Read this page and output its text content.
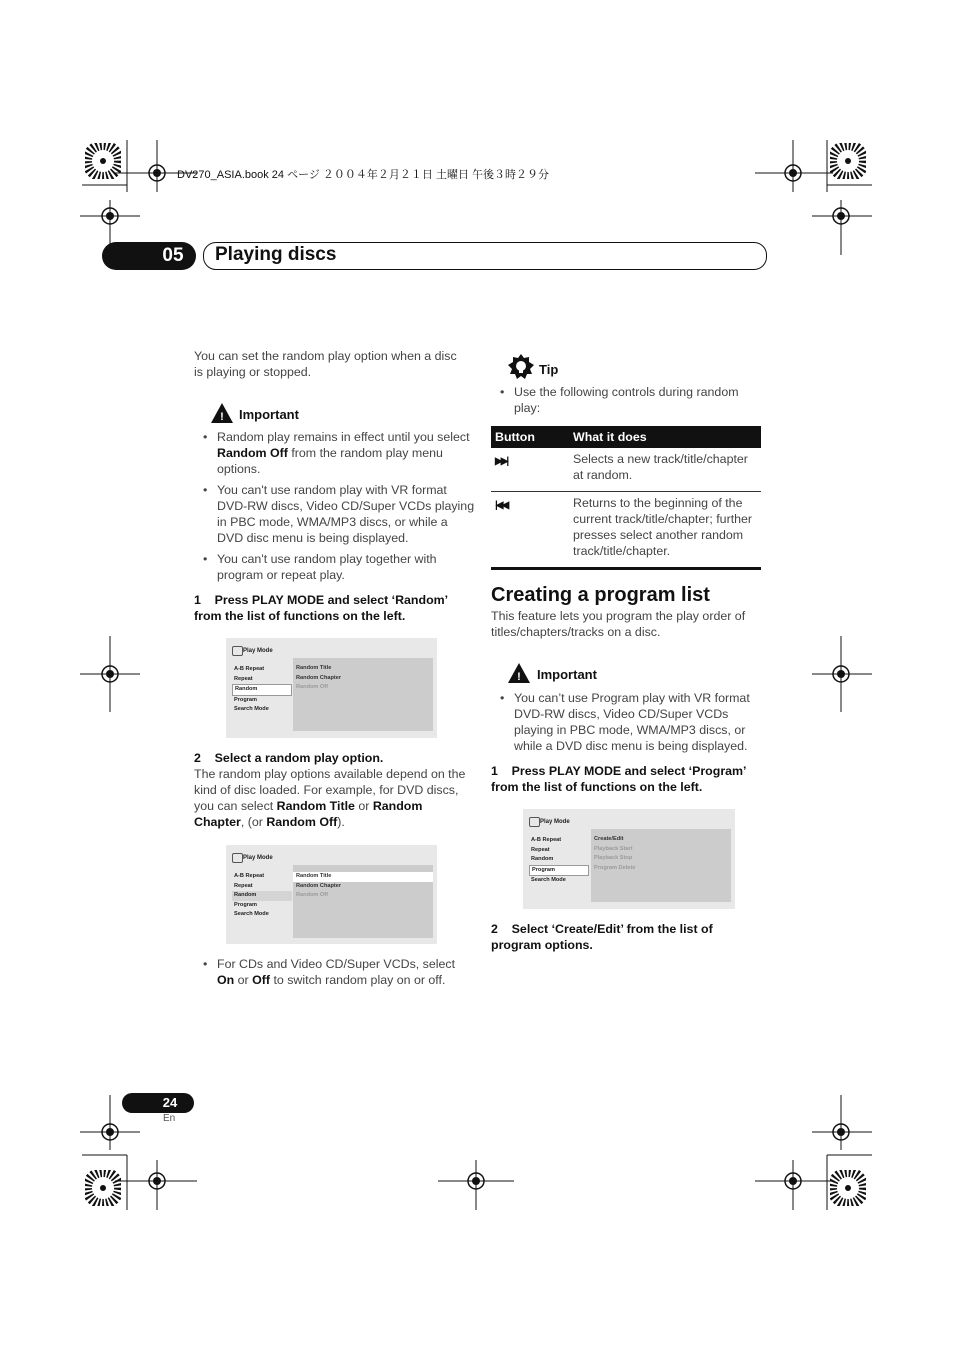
DV270_ASIA.book 24 ページ ２００４年２月２１日 土曜日 午後３時２９分
05	Playing discs
You can set the random play option when a disc is playing or stopped.
! Important
• Random play remains in effect until you select Random Off from the random play menu options.
• You can't use random play with VR format DVD-RW discs, Video CD/Super VCDs playing in PBC mode, WMA/MP3 discs, or while a DVD disc menu is being displayed.
• You can't use random play together with program or repeat play.
1    Press PLAY MODE and select ‘Random’ from the list of functions on the left.
Play Mode
A-B Repeat
Repeat
Random
Program
Search Mode
Random Title
Random Chapter
Random Off
2    Select a random play option.
The random play options available depend on the kind of disc loaded. For example, for DVD discs, you can select Random Title or Random Chapter, (or Random Off).
Play Mode
A-B Repeat
Repeat
Random
Program
Search Mode
Random Title
Random Chapter
Random Off
• For CDs and Video CD/Super VCDs, select On or Off to switch random play on or off.
Tip
• Use the following controls during random play:
Button	What it does
▶▶|	Selects a new track/title/chapter at random.
|◀◀	Returns to the beginning of the current track/title/chapter; further presses select another random track/title/chapter.
Creating a program list
This feature lets you program the play order of titles/chapters/tracks on a disc.
! Important
• You can’t use Program play with VR format DVD-RW discs, Video CD/Super VCDs playing in PBC mode, WMA/MP3 discs, or while a DVD disc menu is being displayed.
1    Press PLAY MODE and select ‘Program’ from the list of functions on the left.
Play Mode
A-B Repeat
Repeat
Random
Program
Search Mode
Create/Edit
Playback Start
Playback Stop
Program Delete
2    Select ‘Create/Edit’ from the list of program options.
24
En
